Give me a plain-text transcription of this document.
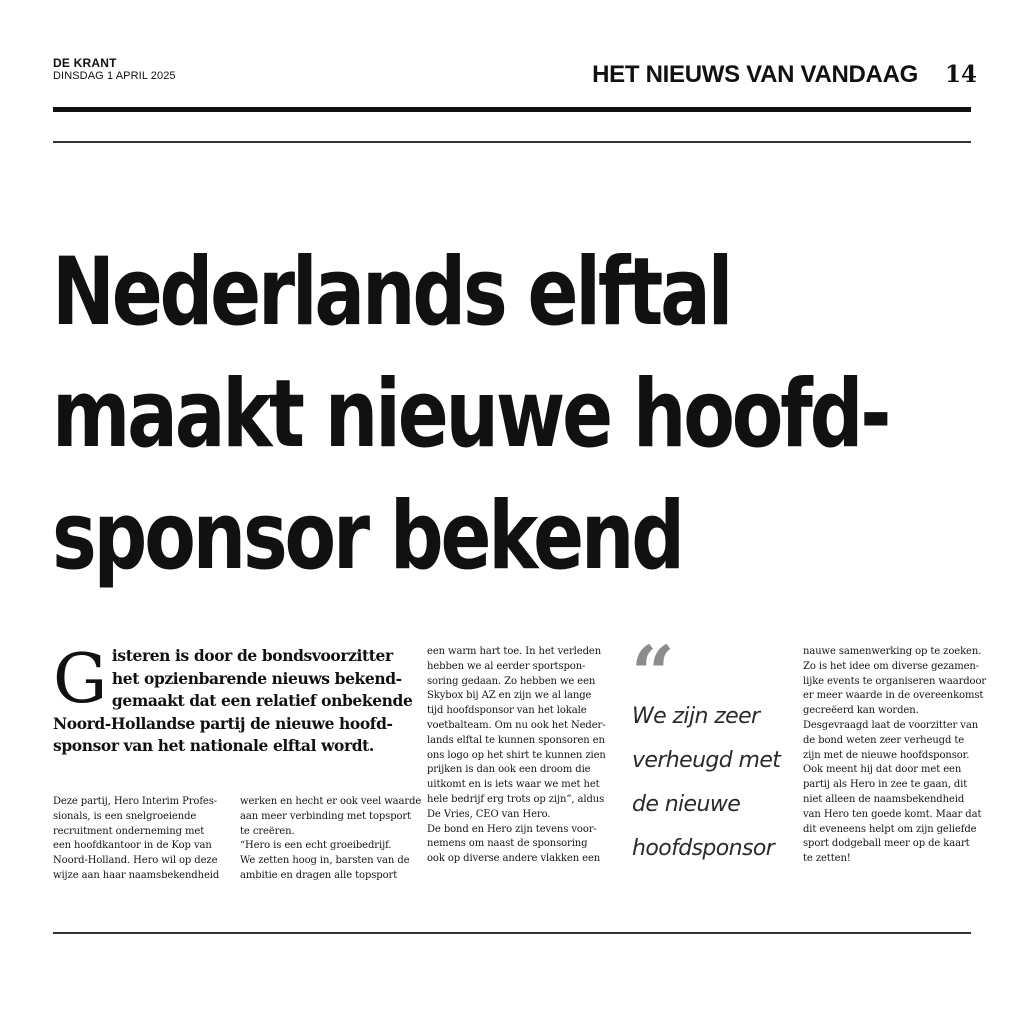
DE KRANT
DINSDAG 1 APRIL 2025	HET NIEUWS VAN VANDAAG 14
Nederlands elftal
maakt nieuwe hoofd-
sponsor bekend
G isteren is door de bondsvoorzitter
het opzienbarende nieuws bekend-
gemaakt dat een relatief onbekende
Noord-Hollandse partij de nieuwe hoofd-
sponsor van het nationale elftal wordt.
Deze partij, Hero Interim Profes-
sionals, is een snelgroeiende
recruitment onderneming met
een hoofdkantoor in de Kop van
Noord-Holland. Hero wil op deze
wijze aan haar naamsbekendheid
werken en hecht er ook veel waarde
aan meer verbinding met topsport
te creëren.
“Hero is een echt groeibedrijf.
We zetten hoog in, barsten van de
ambitie en dragen alle topsport
een warm hart toe. In het verleden
hebben we al eerder sportspon-
soring gedaan. Zo hebben we een
Skybox bij AZ en zijn we al lange
tijd hoofdsponsor van het lokale
voetbalteam. Om nu ook het Neder-
lands elftal te kunnen sponsoren en
ons logo op het shirt te kunnen zien
prijken is dan ook een droom die
uitkomt en is iets waar we met het
hele bedrijf erg trots op zijn”, aldus
De Vries, CEO van Hero.
De bond en Hero zijn tevens voor-
nemens om naast de sponsoring
ook op diverse andere vlakken een
“
We zijn zeer
verheugd met
de nieuwe
hoofdsponsor
nauwe samenwerking op te zoeken.
Zo is het idee om diverse gezamen-
lijke events te organiseren waardoor
er meer waarde in de overeenkomst
gecreëerd kan worden.
Desgevraagd laat de voorzitter van
de bond weten zeer verheugd te
zijn met de nieuwe hoofdsponsor.
Ook meent hij dat door met een
partij als Hero in zee te gaan, dit
niet alleen de naamsbekendheid
van Hero ten goede komt. Maar dat
dit eveneens helpt om zijn geliefde
sport dodgeball meer op de kaart
te zetten!
